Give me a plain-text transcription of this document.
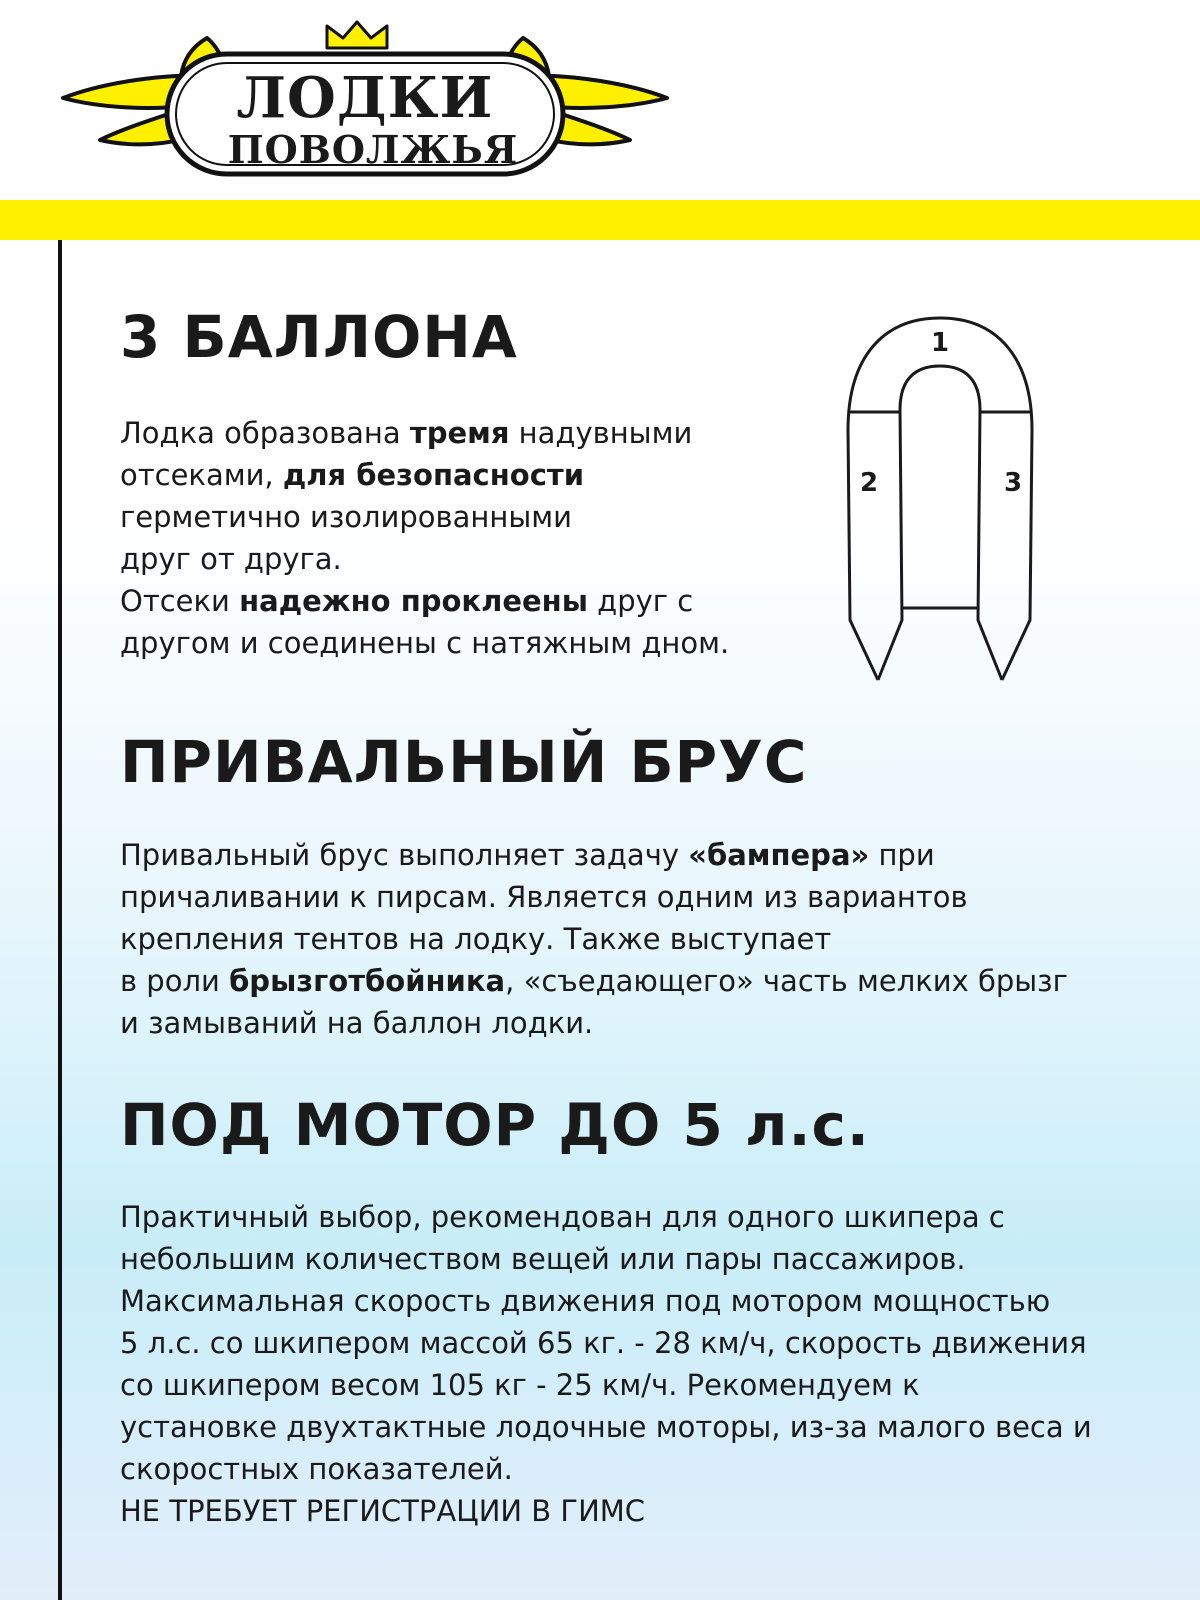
ЛОДКИ
ПОВОЛЖЬЯ
3 БАЛЛОНА
Лодка образована тремя надувными
отсеками, для безопасности
герметично изолированными
друг от друга.
Отсеки надежно проклеены друг с
другом и соединены с натяжным дном.
1
2	3
ПРИВАЛЬНЫЙ БРУС
Привальный брус выполняет задачу «бампера» при
причаливании к пирсам. Является одним из вариантов
крепления тентов на лодку. Также выступает
в роли брызготбойника, «съедающего» часть мелких брызг
и замываний на баллон лодки.
ПОД МОТОР ДО 5 л.с.
Практичный выбор, рекомендован для одного шкипера с
небольшим количеством вещей или пары пассажиров.
Максимальная скорость движения под мотором мощностью
5 л.с. со шкипером массой 65 кг. - 28 км/ч, скорость движения
со шкипером весом 105 кг - 25 км/ч. Рекомендуем к
установке двухтактные лодочные моторы, из-за малого веса и
скоростных показателей.
НЕ ТРЕБУЕТ РЕГИСТРАЦИИ В ГИМС
